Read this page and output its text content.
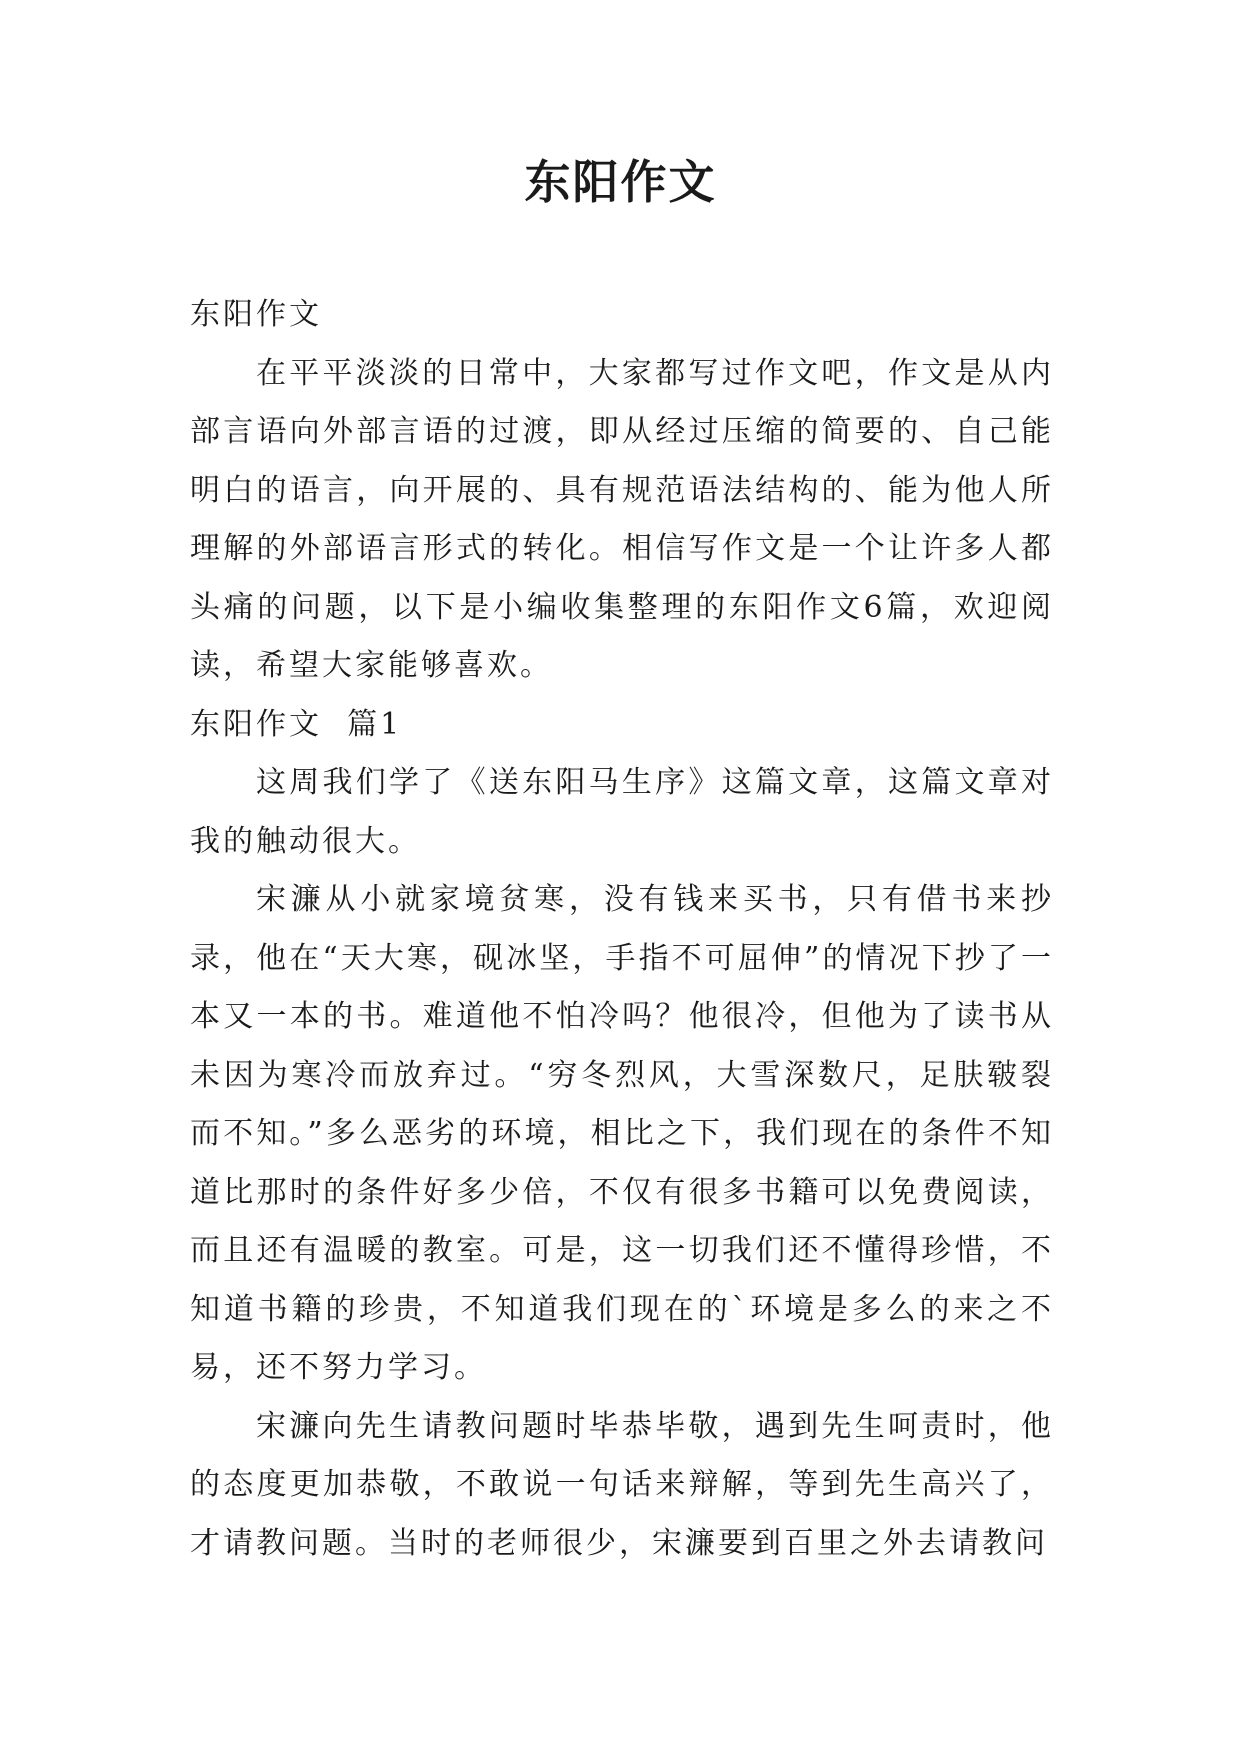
东阳作文

东阳作文

在平平淡淡的日常中，大家都写过作文吧，作文是从内部言语向外部言语的过渡，即从经过压缩的简要的、自己能明白的语言，向开展的、具有规范语法结构的、能为他人所理解的外部语言形式的转化。相信写作文是一个让许多人都头痛的问题，以下是小编收集整理的东阳作文6篇，欢迎阅读，希望大家能够喜欢。

东阳作文  篇1

这周我们学了《送东阳马生序》这篇文章，这篇文章对我的触动很大。

宋濂从小就家境贫寒，没有钱来买书，只有借书来抄录，他在“天大寒，砚冰坚，手指不可屈伸”的情况下抄了一本又一本的书。难道他不怕冷吗？他很冷，但他为了读书从未因为寒冷而放弃过。“穷冬烈风，大雪深数尺，足肤皲裂而不知。”多么恶劣的环境，相比之下，我们现在的条件不知道比那时的条件好多少倍，不仅有很多书籍可以免费阅读，而且还有温暖的教室。可是，这一切我们还不懂得珍惜，不知道书籍的珍贵，不知道我们现在的`环境是多么的来之不易，还不努力学习。

宋濂向先生请教问题时毕恭毕敬，遇到先生呵责时，他的态度更加恭敬，不敢说一句话来辩解，等到先生高兴了，才请教问题。当时的老师很少，宋濂要到百里之外去请教问
